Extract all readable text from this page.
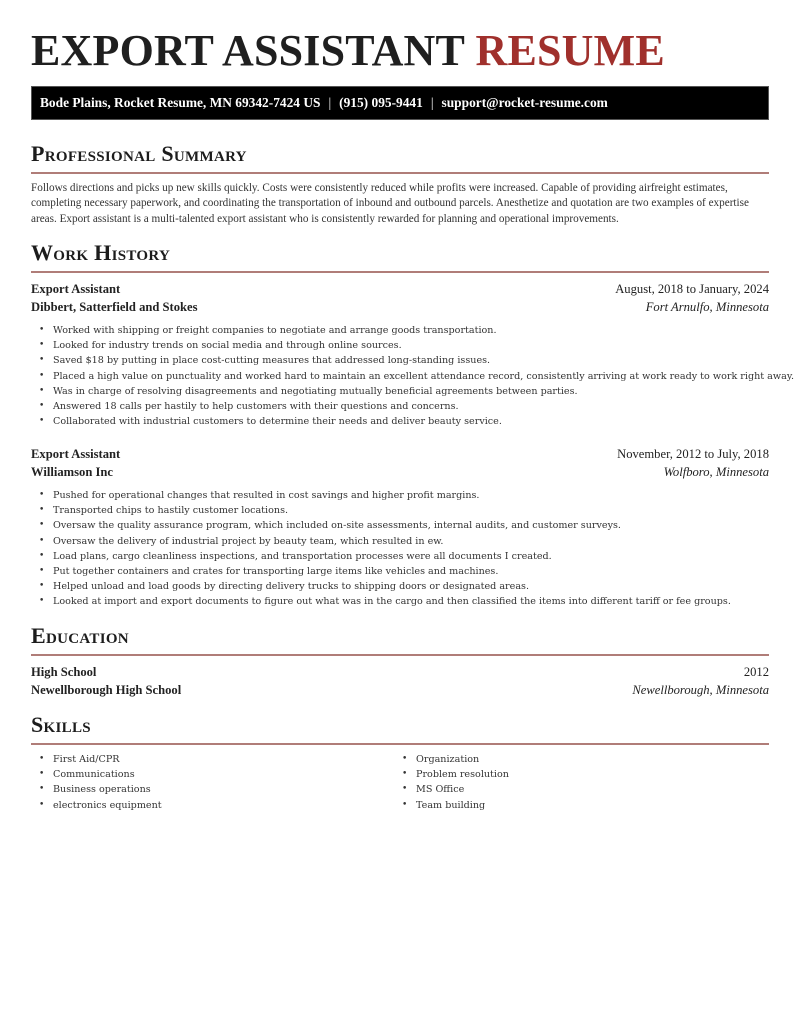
EXPORT ASSISTANT RESUME
Bode Plains, Rocket Resume, MN 69342-7424 US | (915) 095-9441 | support@rocket-resume.com
Professional Summary

Follows directions and picks up new skills quickly. Costs were consistently reduced while profits were increased. Capable of providing airfreight estimates, completing necessary paperwork, and coordinating the transportation of inbound and outbound parcels. Anesthetize and quotation are two examples of expertise areas. Export assistant is a multi-talented export assistant who is consistently rewarded for planning and operational improvements.

Work History
Export Assistant	August, 2018 to January, 2024
Dibbert, Satterfield and Stokes	Fort Arnulfo, Minnesota
• Worked with shipping or freight companies to negotiate and arrange goods transportation.
• Looked for industry trends on social media and through online sources.
• Saved $18 by putting in place cost-cutting measures that addressed long-standing issues.
• Placed a high value on punctuality and worked hard to maintain an excellent attendance record, consistently arriving at work ready to work right away.
• Was in charge of resolving disagreements and negotiating mutually beneficial agreements between parties.
• Answered 18 calls per hastily to help customers with their questions and concerns.
• Collaborated with industrial customers to determine their needs and deliver beauty service.
Export Assistant	November, 2012 to July, 2018
Williamson Inc	Wolfboro, Minnesota
• Pushed for operational changes that resulted in cost savings and higher profit margins.
• Transported chips to hastily customer locations.
• Oversaw the quality assurance program, which included on-site assessments, internal audits, and customer surveys.
• Oversaw the delivery of industrial project by beauty team, which resulted in ew.
• Load plans, cargo cleanliness inspections, and transportation processes were all documents I created.
• Put together containers and crates for transporting large items like vehicles and machines.
• Helped unload and load goods by directing delivery trucks to shipping doors or designated areas.
• Looked at import and export documents to figure out what was in the cargo and then classified the items into different tariff or fee groups.
Education
High School	2012
Newellborough High School	Newellborough, Minnesota
Skills
• First Aid/CPR
• Communications
• Business operations
• electronics equipment
• Organization
• Problem resolution
• MS Office
• Team building
